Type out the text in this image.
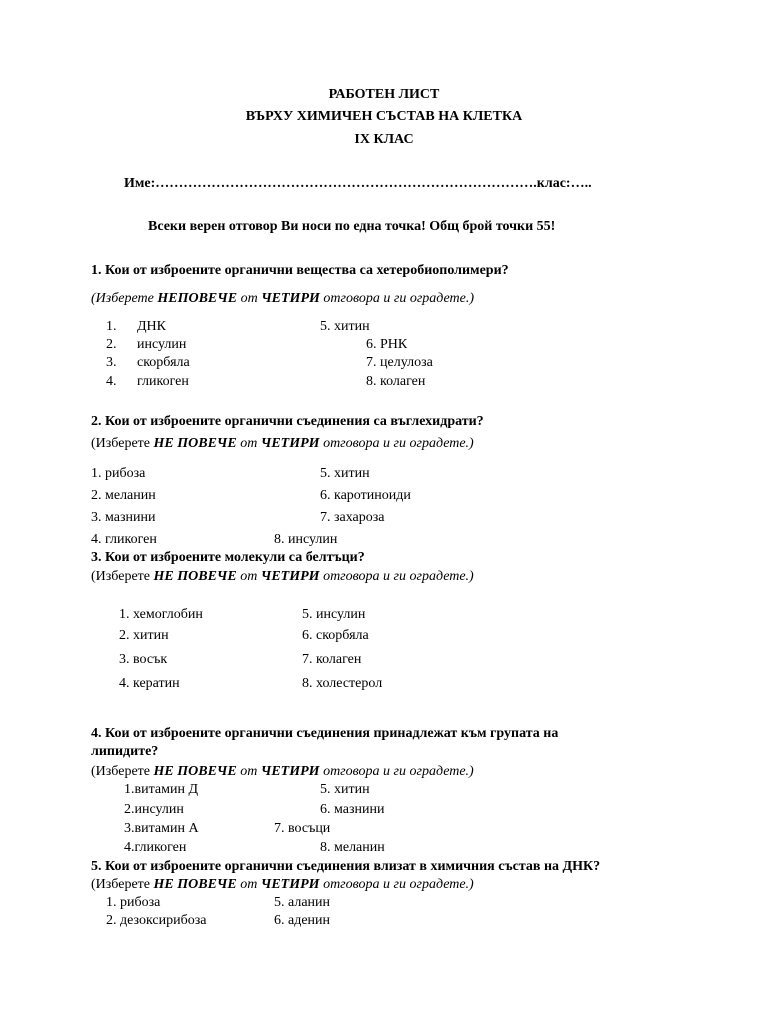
РАБОТЕН ЛИСТ
ВЪРХУ ХИМИЧЕН СЪСТАВ НА КЛЕТКА
IX КЛАС
Име:……………………………………………………………………….клас:…..
Всеки верен отговор Ви носи по една точка! Общ брой точки 55!
1. Кои от изброените органични вещества са хетеробиополимери?
(Изберете НЕПОВЕЧЕ от ЧЕТИРИ отговора и ги оградете.)
1. ДНК
2. инсулин
3. скорбяла
4. гликоген
5. хитин
6. РНК
7. целулоза
8. колаген
2. Кои от изброените органични съединения са въглехидрати?
(Изберете НЕ ПОВЕЧЕ от ЧЕТИРИ отговора и ги оградете.)
1. рибоза
2. меланин
3. мазнини
4. гликоген
5. хитин
6. каротиноиди
7. захароза
8. инсулин
3. Кои от изброените молекули са белтъци?
(Изберете НЕ ПОВЕЧЕ от ЧЕТИРИ отговора и ги оградете.)
1. хемоглобин
2. хитин
3. восък
4. кератин
5. инсулин
6. скорбяла
7. колаген
8. холестерол
4. Кои от изброените органични съединения принадлежат към групата на
липидите?
(Изберете НЕ ПОВЕЧЕ от ЧЕТИРИ отговора и ги оградете.)
1.витамин Д
2.инсулин
3.витамин А
4.гликоген
5. хитин
6. мазнини
7. восъци
8. меланин
5. Кои от изброените органични съединения влизат в химичния състав на ДНК?
(Изберете НЕ ПОВЕЧЕ от ЧЕТИРИ отговора и ги оградете.)
1. рибоза
2. дезоксирибоза
5. аланин
6. аденин
